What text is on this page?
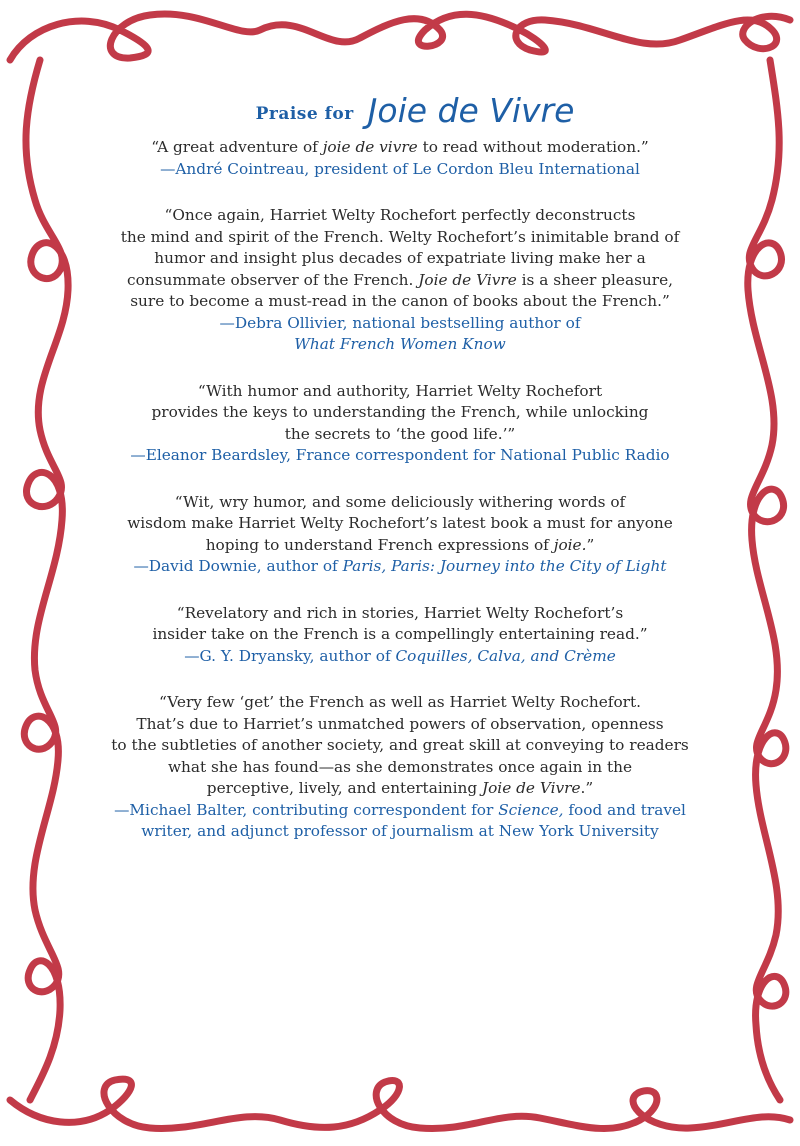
Praise for Joie de Vivre
“A great adventure of joie de vivre to read without moderation.”
—André Cointreau, president of Le Cordon Bleu International
“Once again, Harriet Welty Rochefort perfectly deconstructs
the mind and spirit of the French. Welty Rochefort’s inimitable brand of
humor and insight plus decades of expatriate living make her a
consummate observer of the French. Joie de Vivre is a sheer pleasure,
sure to become a must-read in the canon of books about the French.”
—Debra Ollivier, national bestselling author of
What French Women Know
“With humor and authority, Harriet Welty Rochefort
provides the keys to understanding the French, while unlocking
the secrets to ‘the good life.’”
—Eleanor Beardsley, France correspondent for National Public Radio
“Wit, wry humor, and some deliciously withering words of
wisdom make Harriet Welty Rochefort’s latest book a must for anyone
hoping to understand French expressions of joie.”
—David Downie, author of Paris, Paris: Journey into the City of Light
“Revelatory and rich in stories, Harriet Welty Rochefort’s
insider take on the French is a compellingly entertaining read.”
—G. Y. Dryansky, author of Coquilles, Calva, and Crème
“Very few ‘get’ the French as well as Harriet Welty Rochefort.
That’s due to Harriet’s unmatched powers of observation, openness
to the subtleties of another society, and great skill at conveying to readers
what she has found—as she demonstrates once again in the
perceptive, lively, and entertaining Joie de Vivre.”
—Michael Balter, contributing correspondent for Science, food and travel
writer, and adjunct professor of journalism at New York University
